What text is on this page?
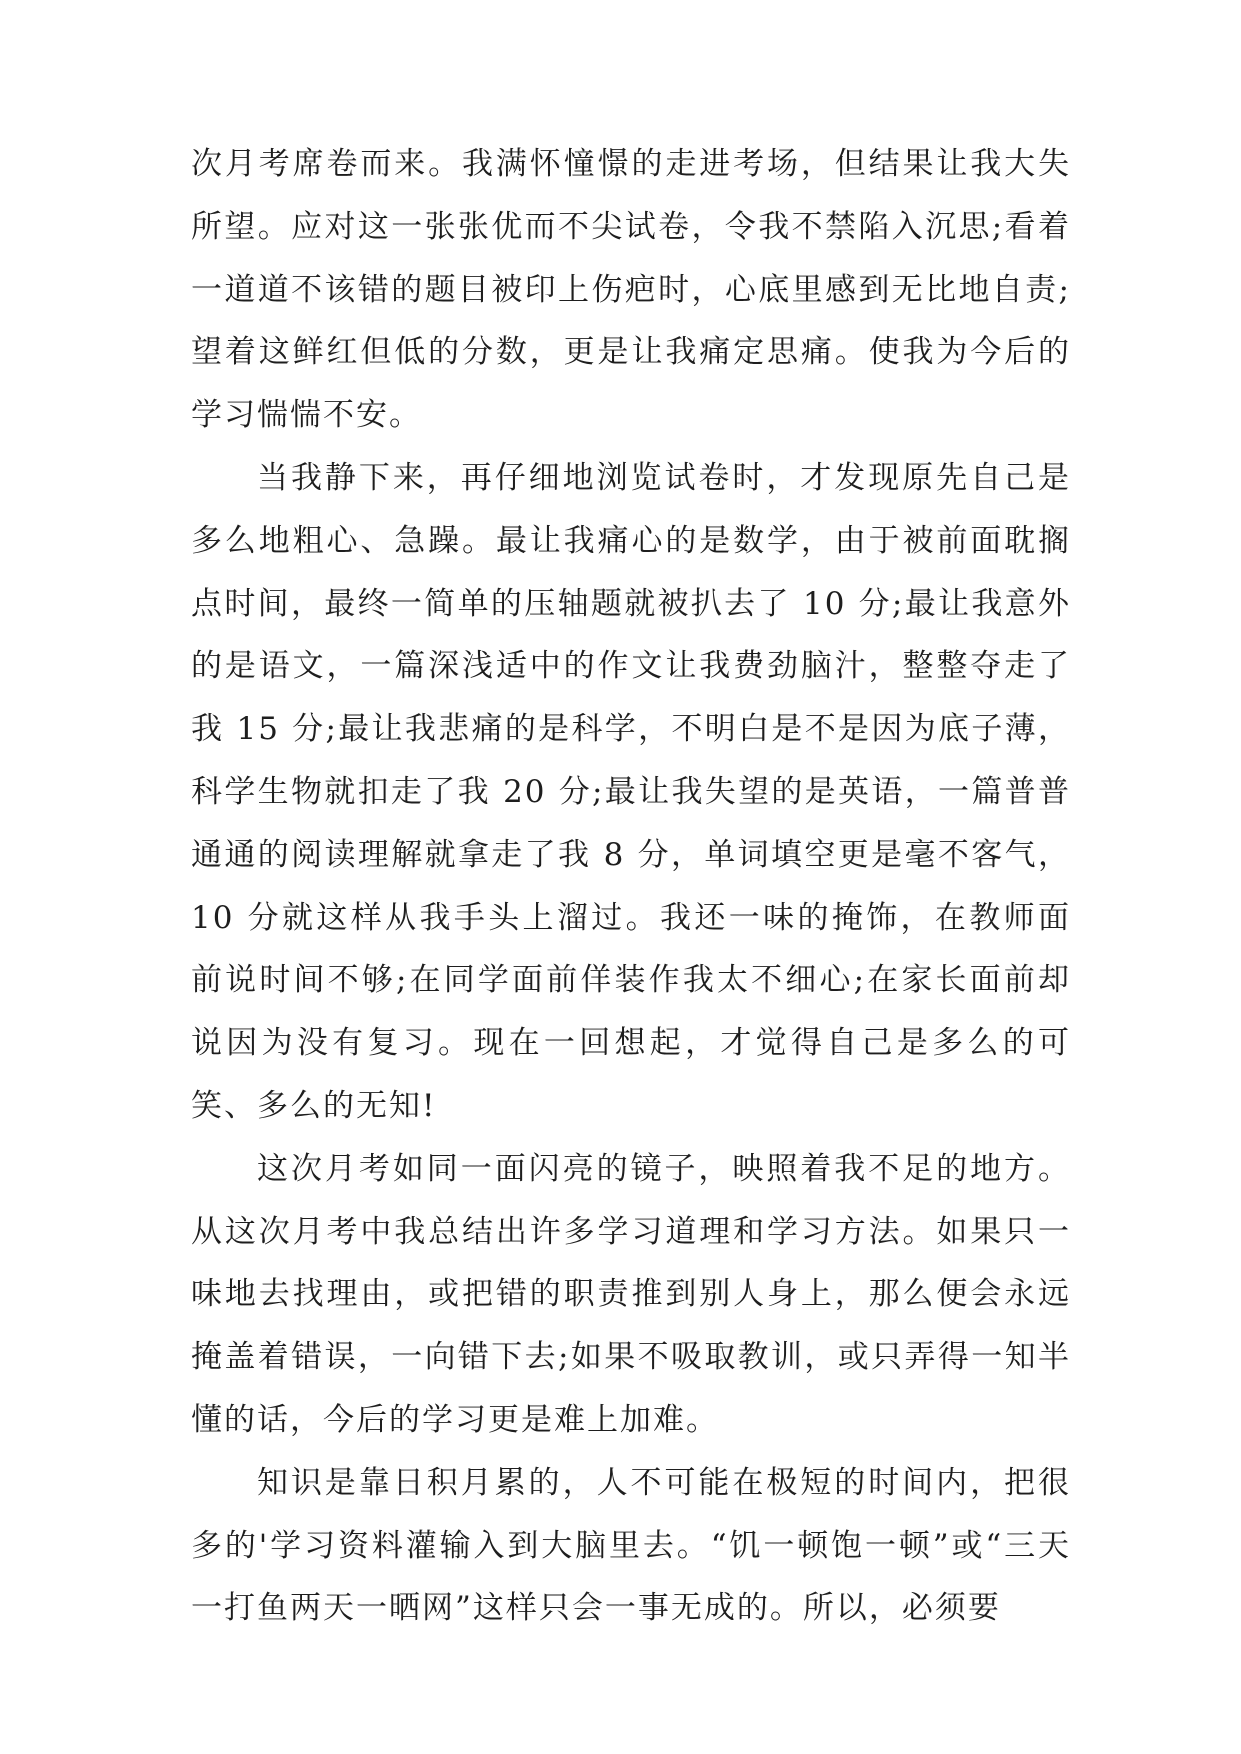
次月考席卷而来。我满怀憧憬的走进考场，但结果让我大失所望。应对这一张张优而不尖试卷，令我不禁陷入沉思;看着一道道不该错的题目被印上伤疤时，心底里感到无比地自责;望着这鲜红但低的分数，更是让我痛定思痛。使我为今后的学习惴惴不安。

当我静下来，再仔细地浏览试卷时，才发现原先自己是多么地粗心、急躁。最让我痛心的是数学，由于被前面耽搁点时间，最终一简单的压轴题就被扒去了 10 分;最让我意外的是语文，一篇深浅适中的作文让我费劲脑汁，整整夺走了我 15 分;最让我悲痛的是科学，不明白是不是因为底子薄，科学生物就扣走了我 20 分;最让我失望的是英语，一篇普普通通的阅读理解就拿走了我 8 分，单词填空更是毫不客气，10 分就这样从我手头上溜过。我还一味的掩饰，在教师面前说时间不够;在同学面前佯装作我太不细心;在家长面前却说因为没有复习。现在一回想起，才觉得自己是多么的可笑、多么的无知!

这次月考如同一面闪亮的镜子，映照着我不足的地方。从这次月考中我总结出许多学习道理和学习方法。如果只一味地去找理由，或把错的职责推到别人身上，那么便会永远掩盖着错误，一向错下去;如果不吸取教训，或只弄得一知半懂的话，今后的学习更是难上加难。

知识是靠日积月累的，人不可能在极短的时间内，把很多的'学习资料灌输入到大脑里去。“饥一顿饱一顿”或“三天一打鱼两天一晒网”这样只会一事无成的。所以，必须要
